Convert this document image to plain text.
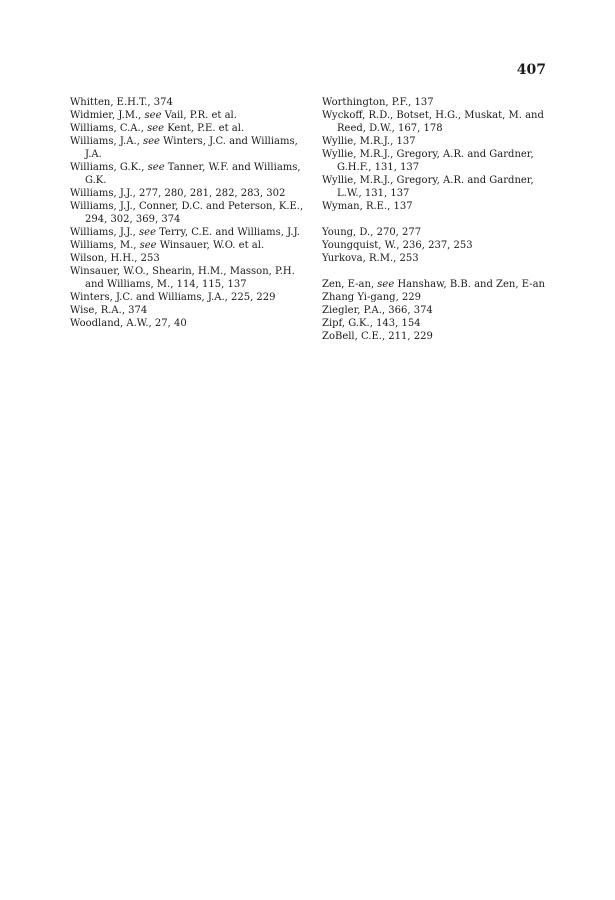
407
Whitten, E.H.T., 374
Widmier, J.M., see Vail, P.R. et al.
Williams, C.A., see Kent, P.E. et al.
Williams, J.A., see Winters, J.C. and Williams, J.A.
Williams, G.K., see Tanner, W.F. and Williams, G.K.
Williams, J.J., 277, 280, 281, 282, 283, 302
Williams, J.J., Conner, D.C. and Peterson, K.E., 294, 302, 369, 374
Williams, J.J., see Terry, C.E. and Williams, J.J.
Williams, M., see Winsauer, W.O. et al.
Wilson, H.H., 253
Winsauer, W.O., Shearin, H.M., Masson, P.H. and Williams, M., 114, 115, 137
Winters, J.C. and Williams, J.A., 225, 229
Wise, R.A., 374
Woodland, A.W., 27, 40
Worthington, P.F., 137
Wyckoff, R.D., Botset, H.G., Muskat, M. and Reed, D.W., 167, 178
Wyllie, M.R.J., 137
Wyllie, M.R.J., Gregory, A.R. and Gardner, G.H.F., 131, 137
Wyllie, M.R.J., Gregory, A.R. and Gardner, L.W., 131, 137
Wyman, R.E., 137
Young, D., 270, 277
Youngquist, W., 236, 237, 253
Yurkova, R.M., 253
Zen, E-an, see Hanshaw, B.B. and Zen, E-an
Zhang Yi-gang, 229
Ziegler, P.A., 366, 374
Zipf, G.K., 143, 154
ZoBell, C.E., 211, 229
